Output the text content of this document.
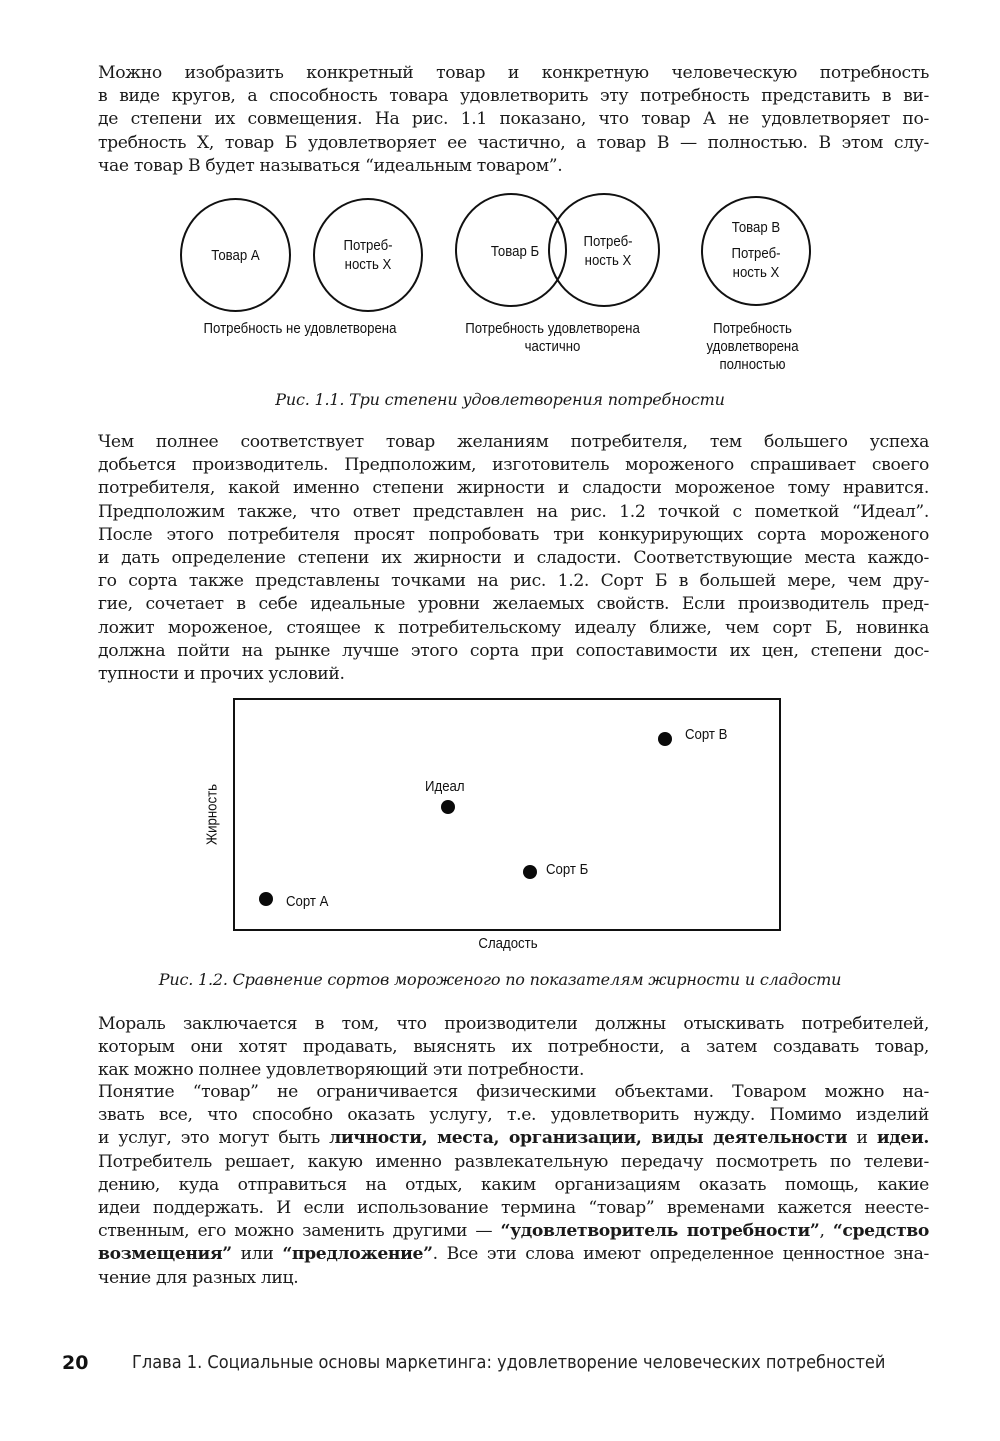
Можно изобразить конкретный товар и конкретную человеческую потребность
в виде кругов, а способность товара удовлетворить эту потребность представить в ви-
де степени их совмещения. На рис. 1.1 показано, что товар А не удовлетворяет по-
требность X, товар Б удовлетворяет ее частично, а товар В — полностью. В этом слу-
чае товар В будет называться “идеальным товаром”.
Товар А
Потреб-
ность X
Товар Б
Потреб-
ность X
Товар В
Потреб-
ность X
Потребность не удовлетворена	Потребность удовлетворена
частично
Потребность
удовлетворена
полностью
Рис. 1.1. Три степени удовлетворения потребности
Чем полнее соответствует товар желаниям потребителя, тем большего успеха
добьется производитель. Предположим, изготовитель мороженого спрашивает своего
потребителя, какой именно степени жирности и сладости мороженое тому нравится.
Предположим также, что ответ представлен на рис. 1.2 точкой с пометкой “Идеал”.
После этого потребителя просят попробовать три конкурирующих сорта мороженого
и дать определение степени их жирности и сладости. Соответствующие места каждо-
го сорта также представлены точками на рис. 1.2. Сорт Б в большей мере, чем дру-
гие, сочетает в себе идеальные уровни желаемых свойств. Если производитель пред-
ложит мороженое, стоящее к потребительскому идеалу ближе, чем сорт Б, новинка
должна пойти на рынке лучше этого сорта при сопоставимости их цен, степени дос-
тупности и прочих условий.
Сорт А
Идеал
Сорт Б
Сорт В
Жирность
Сладость
Рис. 1.2. Сравнение сортов мороженого по показателям жирности и сладости
Мораль заключается в том, что производители должны отыскивать потребителей,
которым они хотят продавать, выяснять их потребности, а затем создавать товар,
как можно полнее удовлетворяющий эти потребности.
Понятие “товар” не ограничивается физическими объектами. Товаром можно на-
звать все, что способно оказать услугу, т.е. удовлетворить нужду. Помимо изделий
и услуг, это могут быть личности, места, организации, виды деятельности и идеи.
Потребитель решает, какую именно развлекательную передачу посмотреть по телеви-
дению, куда отправиться на отдых, каким организациям оказать помощь, какие
идеи поддержать. И если использование термина “товар” временами кажется неесте-
ственным, его можно заменить другими — “удовлетворитель потребности”, “средство
возмещения” или “предложение”. Все эти слова имеют определенное ценностное зна-
чение для разных лиц.
20 Глава 1. Социальные основы маркетинга: удовлетворение человеческих потребностей
